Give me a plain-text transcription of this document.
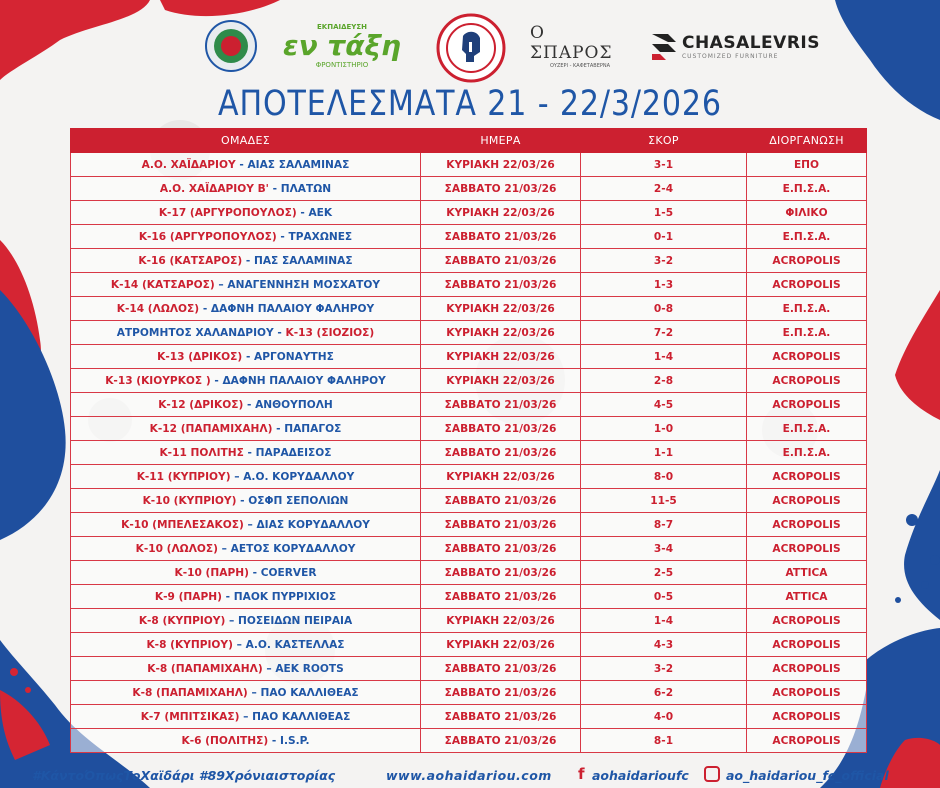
ΕΚΠΑΙΔΕΥΣΗ
εν τάξη
ΦΡΟΝΤΙΣΤΗΡΙΟ
Ο ΣΠΑΡΟΣ
ΟΥΖΕΡΙ - ΚΑΦΕΤΑΒΕΡΝΑ
CHASALEVRIS
CUSTOMIZED FURNITURE
ΑΠΟΤΕΛΕΣΜΑΤΑ 21 - 22/3/2026
ΟΜΑΔΕΣ	ΗΜΕΡΑ	ΣΚΟΡ	ΔΙΟΡΓΑΝΩΣΗ
Α.Ο. ΧΑΪΔΑΡΙΟΥ - ΑΙΑΣ ΣΑΛΑΜΙΝΑΣ	ΚΥΡΙΑΚΗ 22/03/26	3-1	ΕΠΟ
Α.Ο. ΧΑΪΔΑΡΙΟΥ Β' - ΠΛΑΤΩΝ	ΣΑΒΒΑΤΟ 21/03/26	2-4	Ε.Π.Σ.Α.
Κ-17 (ΑΡΓΥΡΟΠΟΥΛΟΣ) - ΑΕΚ	ΚΥΡΙΑΚΗ 22/03/26	1-5	ΦΙΛΙΚΟ
Κ-16 (ΑΡΓΥΡΟΠΟΥΛΟΣ) - ΤΡΑΧΩΝΕΣ	ΣΑΒΒΑΤΟ 21/03/26	0-1	Ε.Π.Σ.Α.
Κ-16 (ΚΑΤΣΑΡΟΣ) - ΠΑΣ ΣΑΛΑΜΙΝΑΣ	ΣΑΒΒΑΤΟ 21/03/26	3-2	ACROPOLIS
Κ-14 (ΚΑΤΣΑΡΟΣ) – ΑΝΑΓΕΝΝΗΣΗ ΜΟΣΧΑΤΟΥ	ΣΑΒΒΑΤΟ 21/03/26	1-3	ACROPOLIS
Κ-14 (ΛΩΛΟΣ) - ΔΑΦΝΗ ΠΑΛΑΙΟΥ ΦΑΛΗΡΟΥ	ΚΥΡΙΑΚΗ 22/03/26	0-8	Ε.Π.Σ.Α.
ΑΤΡΟΜΗΤΟΣ ΧΑΛΑΝΔΡΙΟΥ - Κ-13 (ΣΙΟΖΙΟΣ)	ΚΥΡΙΑΚΗ 22/03/26	7-2	Ε.Π.Σ.Α.
Κ-13 (ΔΡΙΚΟΣ) - ΑΡΓΟΝΑΥΤΗΣ	ΚΥΡΙΑΚΗ 22/03/26	1-4	ACROPOLIS
Κ-13 (ΚΙΟΥΡΚΟΣ ) - ΔΑΦΝΗ ΠΑΛΑΙΟΥ ΦΑΛΗΡΟΥ	ΚΥΡΙΑΚΗ 22/03/26	2-8	ACROPOLIS
Κ-12 (ΔΡΙΚΟΣ) - ΑΝΘΟΥΠΟΛΗ	ΣΑΒΒΑΤΟ 21/03/26	4-5	ACROPOLIS
Κ-12 (ΠΑΠΑΜΙΧΑΗΛ) - ΠΑΠΑΓΟΣ	ΣΑΒΒΑΤΟ 21/03/26	1-0	Ε.Π.Σ.Α.
Κ-11 ΠΟΛΙΤΗΣ - ΠΑΡΑΔΕΙΣΟΣ	ΣΑΒΒΑΤΟ 21/03/26	1-1	Ε.Π.Σ.Α.
Κ-11 (ΚΥΠΡΙΟΥ) – Α.Ο. ΚΟΡΥΔΑΛΛΟΥ	ΚΥΡΙΑΚΗ 22/03/26	8-0	ACROPOLIS
Κ-10 (ΚΥΠΡΙΟΥ) - ΟΣΦΠ ΣΕΠΟΛΙΩΝ	ΣΑΒΒΑΤΟ 21/03/26	11-5	ACROPOLIS
Κ-10 (ΜΠΕΛΕΣΑΚΟΣ) – ΔΙΑΣ ΚΟΡΥΔΑΛΛΟΥ	ΣΑΒΒΑΤΟ 21/03/26	8-7	ACROPOLIS
Κ-10 (ΛΩΛΟΣ) – ΑΕΤΟΣ ΚΟΡΥΔΑΛΛΟΥ	ΣΑΒΒΑΤΟ 21/03/26	3-4	ACROPOLIS
Κ-10 (ΠΑΡΗ) - COERVER	ΣΑΒΒΑΤΟ 21/03/26	2-5	ATTICA
Κ-9 (ΠΑΡΗ) - ΠΑΟΚ ΠΥΡΡΙΧΙΟΣ	ΣΑΒΒΑΤΟ 21/03/26	0-5	ATTICA
Κ-8 (ΚΥΠΡΙΟΥ) – ΠΟΣΕΙΔΩΝ ΠΕΙΡΑΙΑ	ΚΥΡΙΑΚΗ 22/03/26	1-4	ACROPOLIS
Κ-8 (ΚΥΠΡΙΟΥ) – Α.Ο. ΚΑΣΤΕΛΛΑΣ	ΚΥΡΙΑΚΗ 22/03/26	4-3	ACROPOLIS
Κ-8 (ΠΑΠΑΜΙΧΑΗΛ) – ΑΕΚ ROOTS	ΣΑΒΒΑΤΟ 21/03/26	3-2	ACROPOLIS
Κ-8 (ΠΑΠΑΜΙΧΑΗΛ) – ΠΑΟ ΚΑΛΛΙΘΕΑΣ	ΣΑΒΒΑΤΟ 21/03/26	6-2	ACROPOLIS
Κ-7 (ΜΠΙΤΣΙΚΑΣ) – ΠΑΟ ΚΑΛΛΙΘΕΑΣ	ΣΑΒΒΑΤΟ 21/03/26	4-0	ACROPOLIS
Κ-6 (ΠΟΛΙΤΗΣ) - I.S.P.	ΣΑΒΒΑΤΟ 21/03/26	8-1	ACROPOLIS
#ΚάντοΌπωςΤοΧαϊδάρι #89Χρόνιαιστορίας	www.aohaidariou.com f aohaidariouf​c	ao_haidariou_fc_official
